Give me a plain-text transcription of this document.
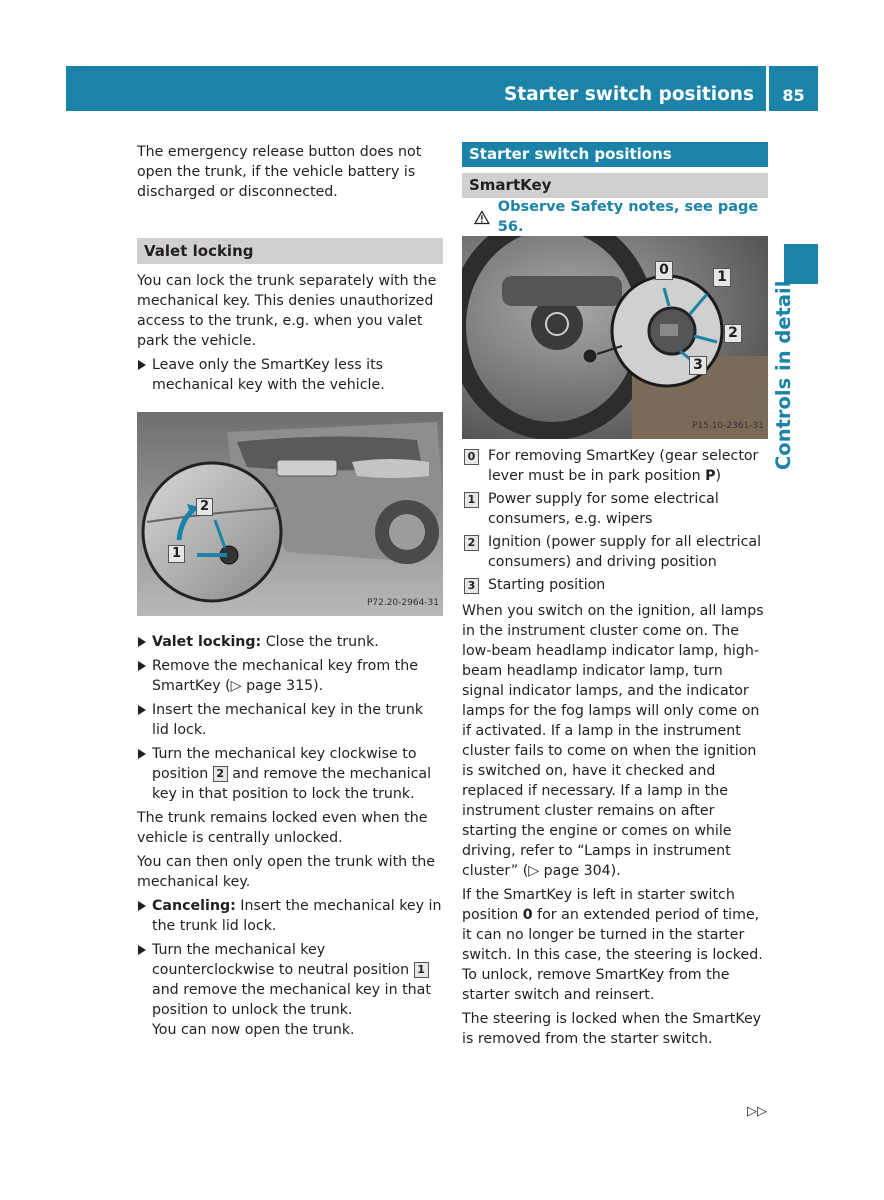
Starter switch positions	85
Controls in detail

The emergency release button does not open the trunk, if the vehicle battery is discharged or disconnected.

Valet locking

You can lock the trunk separately with the mechanical key. This denies unauthorized access to the trunk, e.g. when you valet park the vehicle.

Leave only the SmartKey less its mechanical key with the vehicle.
1
2
P72.20-2964-31
Valet locking: Close the trunk.
Remove the mechanical key from the SmartKey (▷ page 315).
Insert the mechanical key in the trunk lid lock.
Turn the mechanical key clockwise to position 2 and remove the mechanical key in that position to lock the trunk.

The trunk remains locked even when the vehicle is centrally unlocked.

You can then only open the trunk with the mechanical key.

Canceling: Insert the mechanical key in the trunk lid lock.
Turn the mechanical key counterclockwise to neutral position 1 and remove the mechanical key in that position to unlock the trunk.
You can now open the trunk.
Starter switch positions
SmartKey
Observe Safety notes, see page 56.
0	1
2
3
P15.10-2361-31
0 For removing SmartKey (gear selector lever must be in park position P)
1 Power supply for some electrical consumers, e.g. wipers
2 Ignition (power supply for all electrical consumers) and driving position
3 Starting position

When you switch on the ignition, all lamps in the instrument cluster come on. The low-beam headlamp indicator lamp, high-beam headlamp indicator lamp, turn signal indicator lamps, and the indicator lamps for the fog lamps will only come on if activated. If a lamp in the instrument cluster fails to come on when the ignition is switched on, have it checked and replaced if necessary. If a lamp in the instrument cluster remains on after starting the engine or comes on while driving, refer to “Lamps in instrument cluster” (▷ page 304).

If the SmartKey is left in starter switch position 0 for an extended period of time, it can no longer be turned in the starter switch. In this case, the steering is locked. To unlock, remove SmartKey from the starter switch and reinsert.

The steering is locked when the SmartKey is removed from the starter switch.

▷▷
